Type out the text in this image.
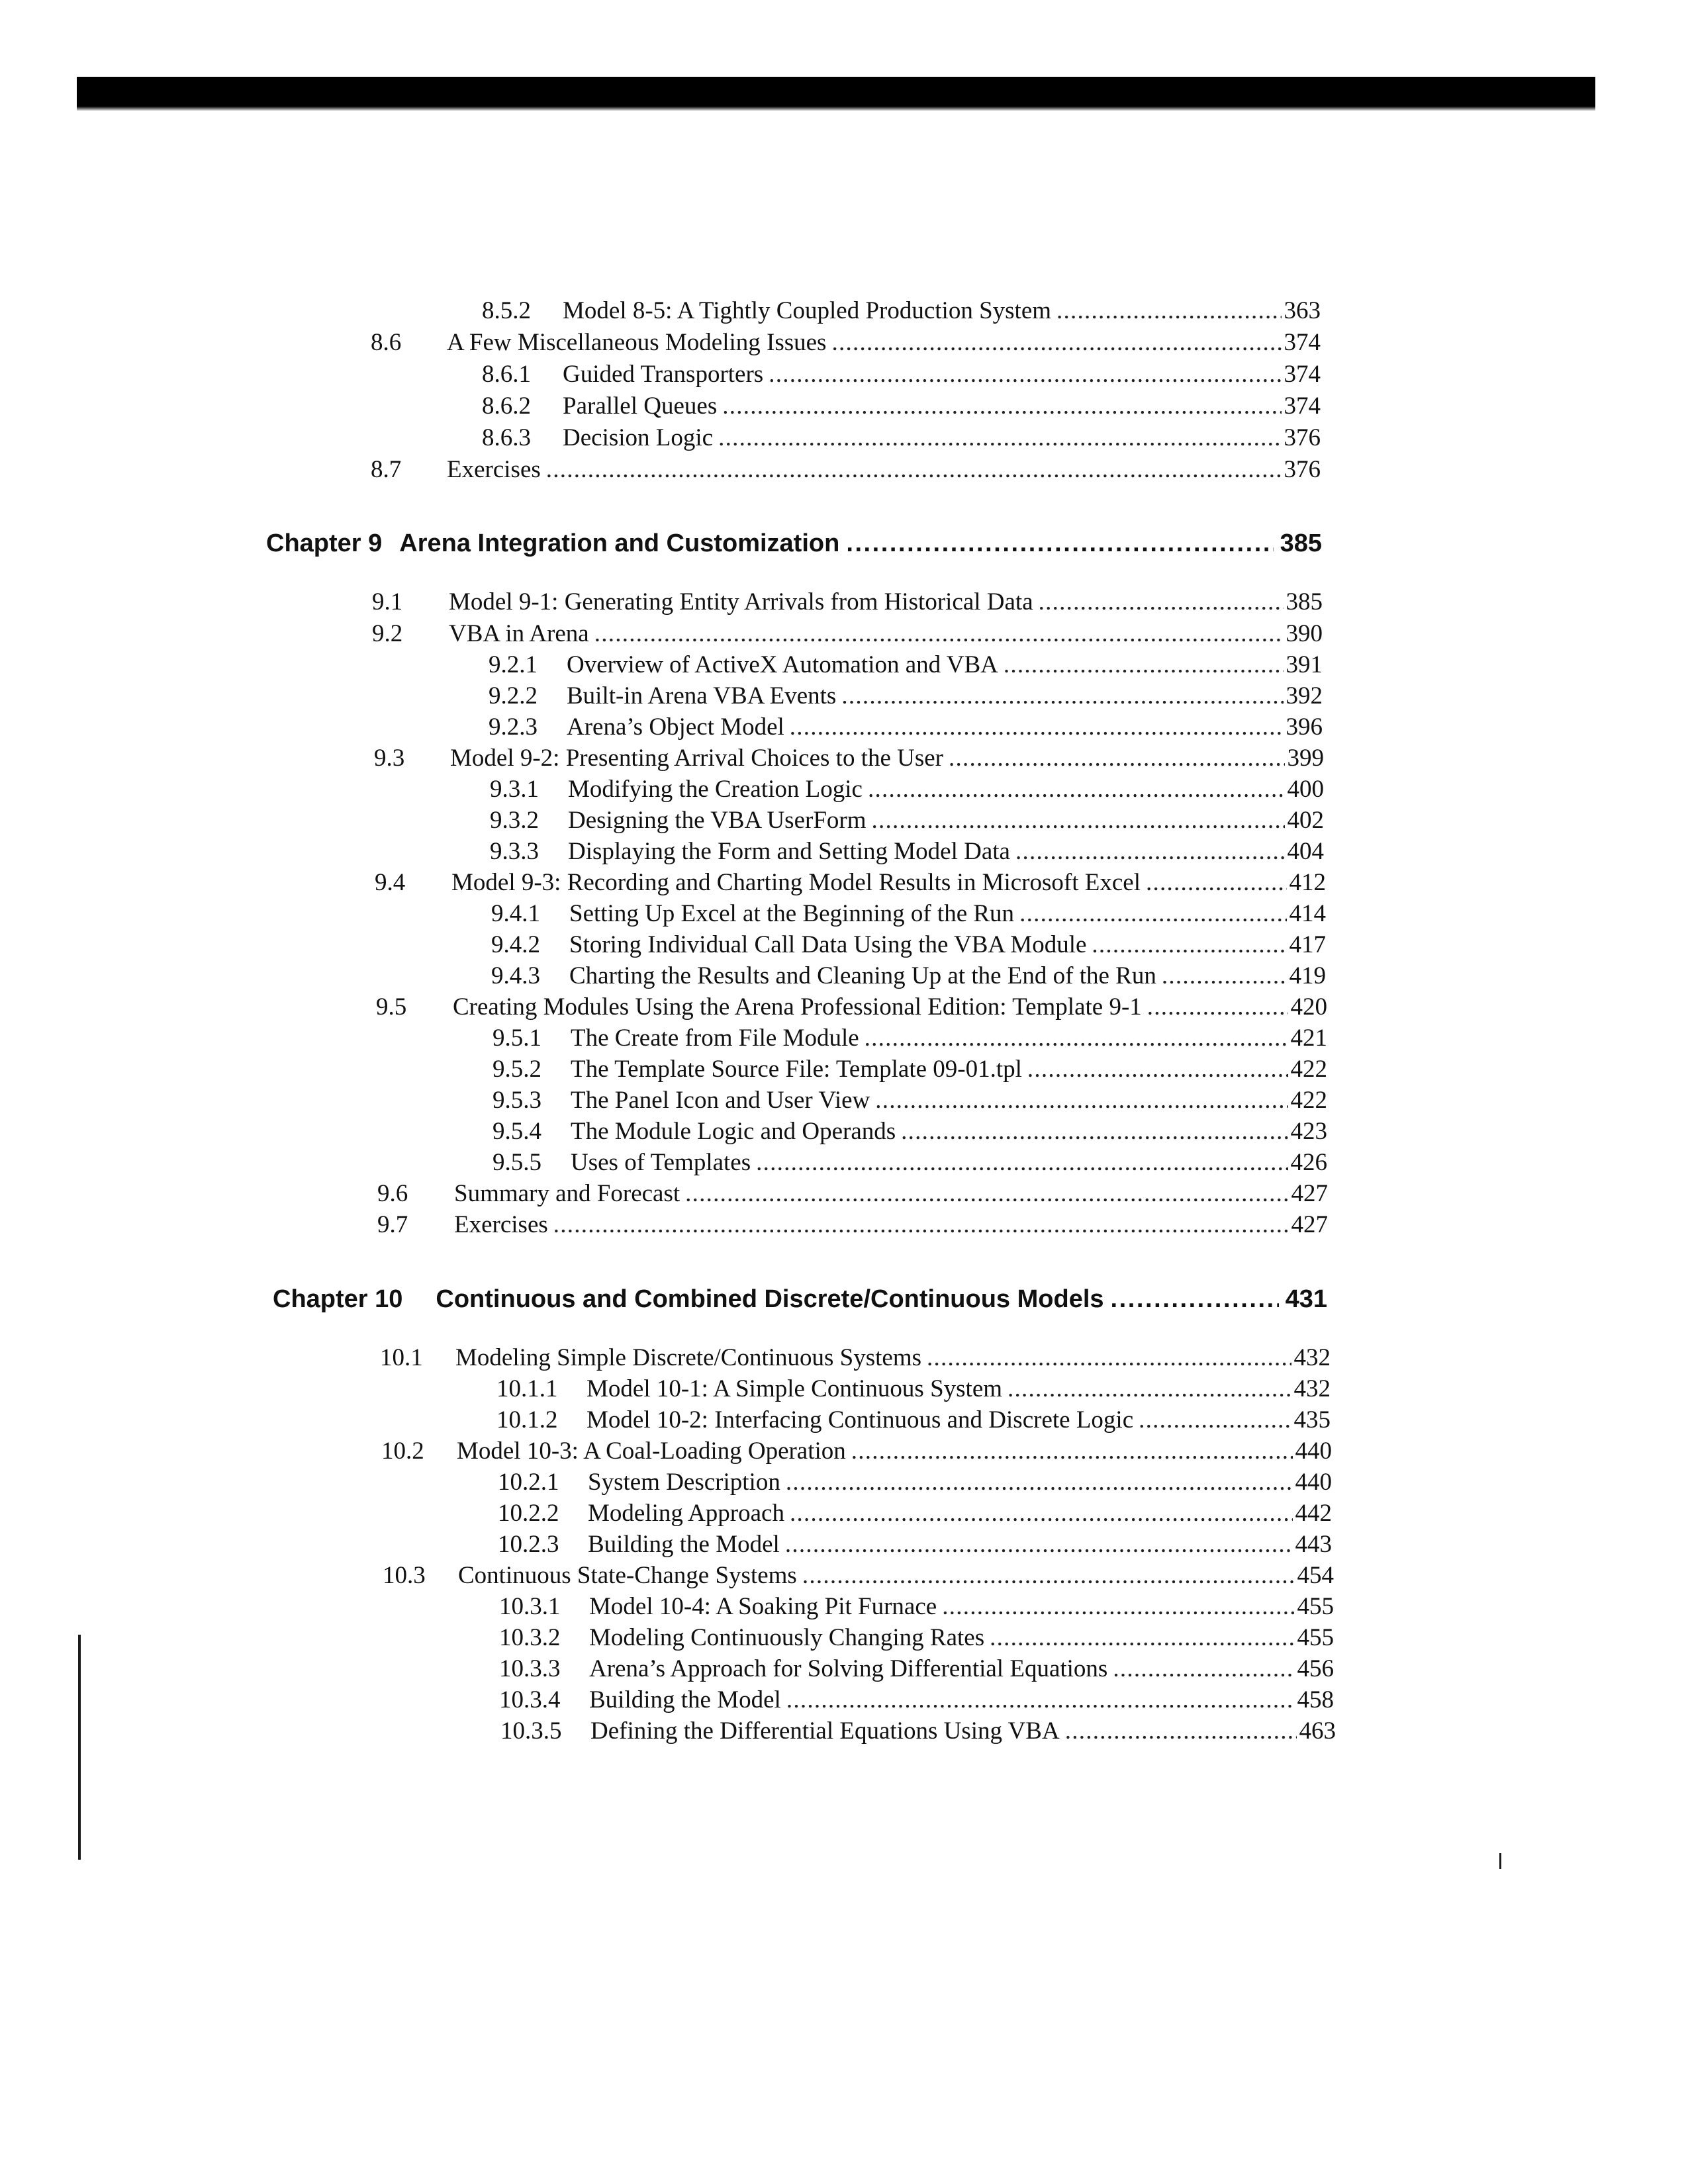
8.5.2 Model 8-5: A Tightly Coupled Production System . . .	363
8.6 A Few Miscellaneous Modeling Issues . . .	374
8.6.1 Guided Transporters . . .	374
8.6.2 Parallel Queues . . .	374
8.6.3 Decision Logic . . .	376
8.7 Exercises . . .	376
Chapter 9 Arena Integration and Customization . . .	385
9.1 Model 9-1: Generating Entity Arrivals from Historical Data . . .	385
9.2 VBA in Arena . . .	390
9.2.1 Overview of ActiveX Automation and VBA . . .	391
9.2.2 Built-in Arena VBA Events . . .	392
9.2.3 Arena’s Object Model . . .	396
9.3 Model 9-2: Presenting Arrival Choices to the User . . .	399
9.3.1 Modifying the Creation Logic . . .	400
9.3.2 Designing the VBA UserForm . . .	402
9.3.3 Displaying the Form and Setting Model Data . . .	404
9.4 Model 9-3: Recording and Charting Model Results in Microsoft Excel . . .	412
9.4.1 Setting Up Excel at the Beginning of the Run . . .	414
9.4.2 Storing Individual Call Data Using the VBA Module . . .	417
9.4.3 Charting the Results and Cleaning Up at the End of the Run . . .	419
9.5 Creating Modules Using the Arena Professional Edition: Template 9-1 . . .	420
9.5.1 The Create from File Module . . .	421
9.5.2 The Template Source File: Template 09-01.tpl . . .	422
9.5.3 The Panel Icon and User View . . .	422
9.5.4 The Module Logic and Operands . . .	423
9.5.5 Uses of Templates . . .	426
9.6 Summary and Forecast . . .	427
9.7 Exercises . . .	427
Chapter 10 Continuous and Combined Discrete/Continuous Models . . .	431
10.1 Modeling Simple Discrete/Continuous Systems . . .	432
10.1.1 Model 10-1: A Simple Continuous System . . .	432
10.1.2 Model 10-2: Interfacing Continuous and Discrete Logic . . .	435
10.2 Model 10-3: A Coal-Loading Operation . . .	440
10.2.1 System Description . . .	440
10.2.2 Modeling Approach . . .	442
10.2.3 Building the Model . . .	443
10.3 Continuous State-Change Systems . . .	454
10.3.1 Model 10-4: A Soaking Pit Furnace . . .	455
10.3.2 Modeling Continuously Changing Rates . . .	455
10.3.3 Arena’s Approach for Solving Differential Equations . . .	456
10.3.4 Building the Model . . .	458
10.3.5 Defining the Differential Equations Using VBA . . .	463
